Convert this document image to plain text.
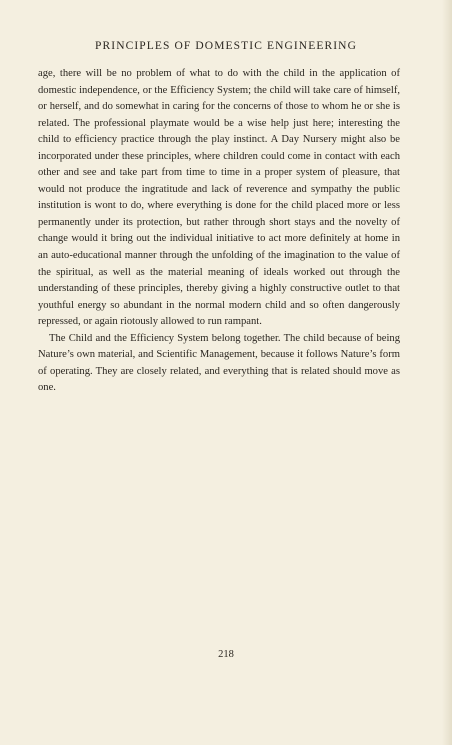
PRINCIPLES OF DOMESTIC ENGINEERING

age, there will be no problem of what to do with the child in the application of domestic independence, or the Efficiency System; the child will take care of himself, or herself, and do somewhat in caring for the concerns of those to whom he or she is related. The professional playmate would be a wise help just here; interesting the child to efficiency practice through the play instinct. A Day Nursery might also be incorporated under these principles, where children could come in contact with each other and see and take part from time to time in a proper system of pleasure, that would not produce the ingratitude and lack of reverence and sympathy the public institution is wont to do, where everything is done for the child placed more or less permanently under its protection, but rather through short stays and the novelty of change would it bring out the individual initiative to act more definitely at home in an auto-educational manner through the unfolding of the imagination to the value of the spiritual, as well as the material meaning of ideals worked out through the understanding of these principles, thereby giving a highly constructive outlet to that youthful energy so abundant in the normal modern child and so often dangerously repressed, or again riotously allowed to run rampant.

The Child and the Efficiency System belong together. The child because of being Nature’s own material, and Scientific Management, because it follows Nature’s form of operating. They are closely related, and everything that is related should move as one.

218
